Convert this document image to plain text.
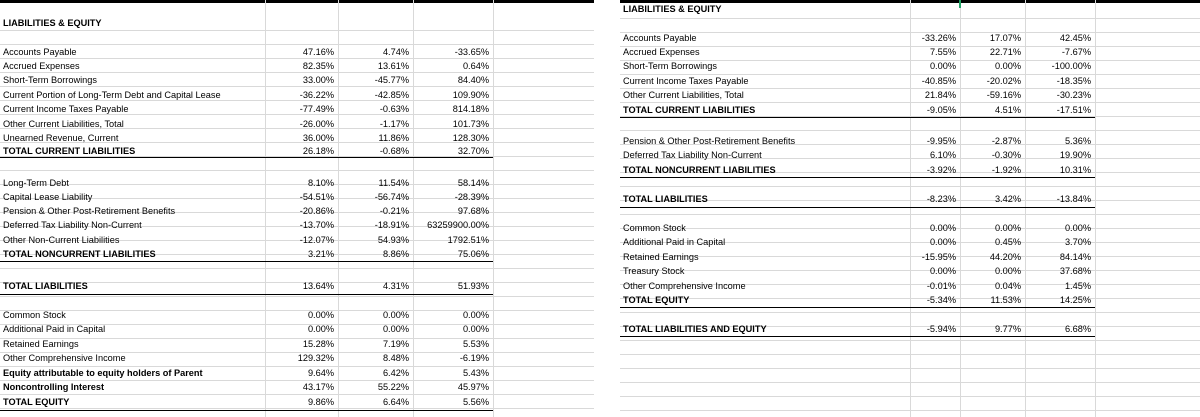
LIABILITIES & EQUITY
Accounts Payable	47.16%	4.74%	-33.65%
Accrued Expenses	82.35%	13.61%	0.64%
Short-Term Borrowings	33.00%	-45.77%	84.40%
Current Portion of Long-Term Debt and Capital Lease	-36.22%	-42.85%	109.90%
Current Income Taxes Payable	-77.49%	-0.63%	814.18%
Other Current Liabilities, Total	-26.00%	-1.17%	101.73%
Unearned Revenue, Current	36.00%	11.86%	128.30%
TOTAL CURRENT LIABILITIES	26.18%	-0.68%	32.70%
Long-Term Debt	8.10%	11.54%	58.14%
Capital Lease Liability	-54.51%	-56.74%	-28.39%
Pension & Other Post-Retirement Benefits	-20.86%	-0.21%	97.68%
Deferred Tax Liability Non-Current	-13.70%	-18.91%	63259900.00%
Other Non-Current Liabilities	-12.07%	54.93%	1792.51%
TOTAL NONCURRENT LIABILITIES	3.21%	8.86%	75.06%
TOTAL LIABILITIES	13.64%	4.31%	51.93%
Common Stock	0.00%	0.00%	0.00%
Additional Paid in Capital	0.00%	0.00%	0.00%
Retained Earnings	15.28%	7.19%	5.53%
Other Comprehensive Income	129.32%	8.48%	-6.19%
Equity attributable to equity holders of Parent	9.64%	6.42%	5.43%
Noncontrolling Interest	43.17%	55.22%	45.97%
TOTAL EQUITY	9.86%	6.64%	5.56%
LIABILITIES & EQUITY
Accounts Payable	-33.26%	17.07%	42.45%
Accrued Expenses	7.55%	22.71%	-7.67%
Short-Term Borrowings	0.00%	0.00%	-100.00%
Current Income Taxes Payable	-40.85%	-20.02%	-18.35%
Other Current Liabilities, Total	21.84%	-59.16%	-30.23%
TOTAL CURRENT LIABILITIES	-9.05%	4.51%	-17.51%
Pension & Other Post-Retirement Benefits	-9.95%	-2.87%	5.36%
Deferred Tax Liability Non-Current	6.10%	-0.30%	19.90%
TOTAL NONCURRENT LIABILITIES	-3.92%	-1.92%	10.31%
TOTAL LIABILITIES	-8.23%	3.42%	-13.84%
Common Stock	0.00%	0.00%	0.00%
Additional Paid in Capital	0.00%	0.45%	3.70%
Retained Earnings	-15.95%	44.20%	84.14%
Treasury Stock	0.00%	0.00%	37.68%
Other Comprehensive Income	-0.01%	0.04%	1.45%
TOTAL EQUITY	-5.34%	11.53%	14.25%
TOTAL LIABILITIES AND EQUITY	-5.94%	9.77%	6.68%
